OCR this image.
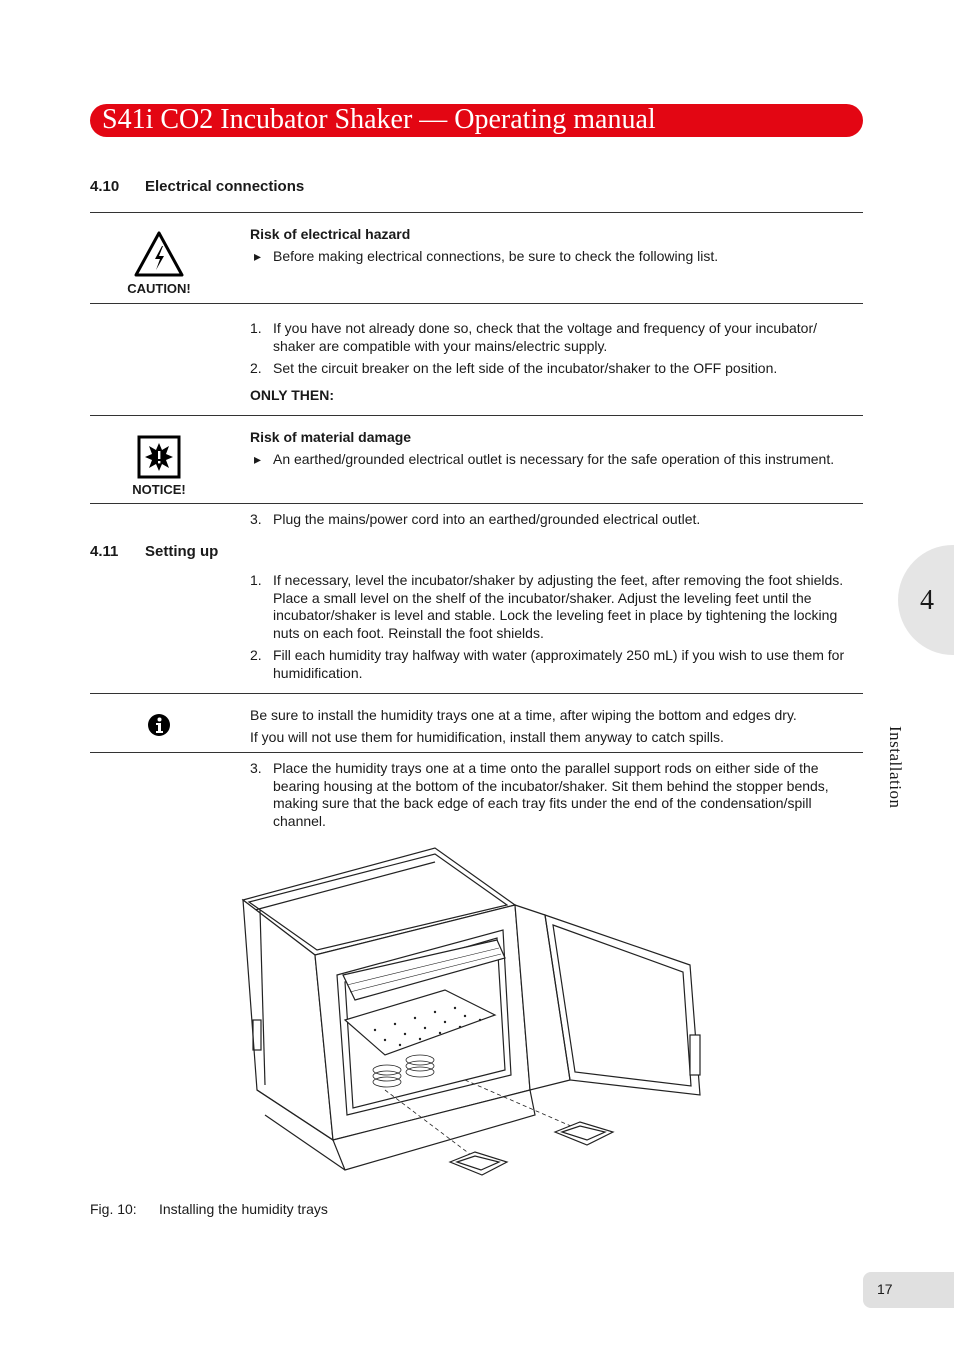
S41i CO2 Incubator Shaker — Operating manual
4.10 Electrical connections
CAUTION!
Risk of electrical hazard
▸ Before making electrical connections, be sure to check the following list.
1. If you have not already done so, check that the voltage and frequency of your incubator/ shaker are compatible with your mains/electric supply.
2. Set the circuit breaker on the left side of the incubator/shaker to the OFF position.
ONLY THEN:
NOTICE!
Risk of material damage
▸ An earthed/grounded electrical outlet is necessary for the safe operation of this instrument.
3. Plug the mains/power cord into an earthed/grounded electrical outlet.
4.11 Setting up
1. If necessary, level the incubator/shaker by adjusting the feet, after removing the foot shields. Place a small level on the shelf of the incubator/shaker. Adjust the leveling feet until the incubator/shaker is level and stable. Lock the leveling feet in place by tightening the locking nuts on each foot. Reinstall the foot shields.
2. Fill each humidity tray halfway with water (approximately 250 mL) if you wish to use them for humidification.
Be sure to install the humidity trays one at a time, after wiping the bottom and edges dry.
If you will not use them for humidification, install them anyway to catch spills.
3. Place the humidity trays one at a time onto the parallel support rods on either side of the bearing housing at the bottom of the incubator/shaker. Sit them behind the stopper bends, making sure that the back edge of each tray fits under the end of the condensation/spill channel.
Fig. 10: Installing the humidity trays
4
Installation
17
